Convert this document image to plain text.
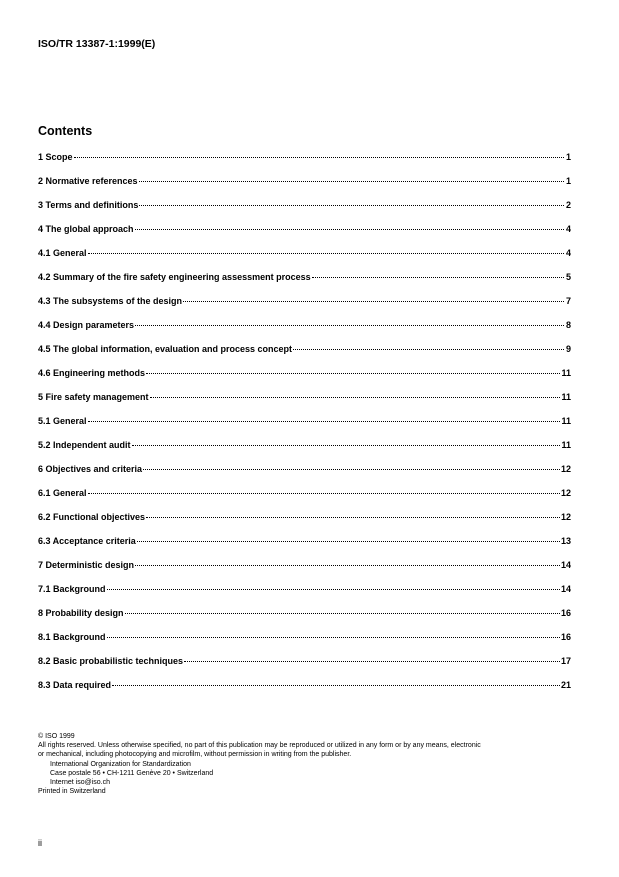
ISO/TR 13387-1:1999(E)
Contents
1 Scope	1
2 Normative references	1
3 Terms and definitions	2
4 The global approach	4
4.1 General	4
4.2 Summary of the fire safety engineering assessment process	5
4.3 The subsystems of the design	7
4.4 Design parameters	8
4.5 The global information, evaluation and process concept	9
4.6 Engineering methods	11
5 Fire safety management	11
5.1 General	11
5.2 Independent audit	11
6 Objectives and criteria	12
6.1 General	12
6.2 Functional objectives	12
6.3 Acceptance criteria	13
7 Deterministic design	14
7.1 Background	14
8 Probability design	16
8.1 Background	16
8.2 Basic probabilistic techniques	17
8.3 Data required	21
© ISO 1999
All rights reserved. Unless otherwise specified, no part of this publication may be reproduced or utilized in any form or by any means, electronic
or mechanical, including photocopying and microfilm, without permission in writing from the publisher.
International Organization for Standardization
Case postale 56 • CH-1211 Genève 20 • Switzerland
Internet iso@iso.ch
Printed in Switzerland
ii
